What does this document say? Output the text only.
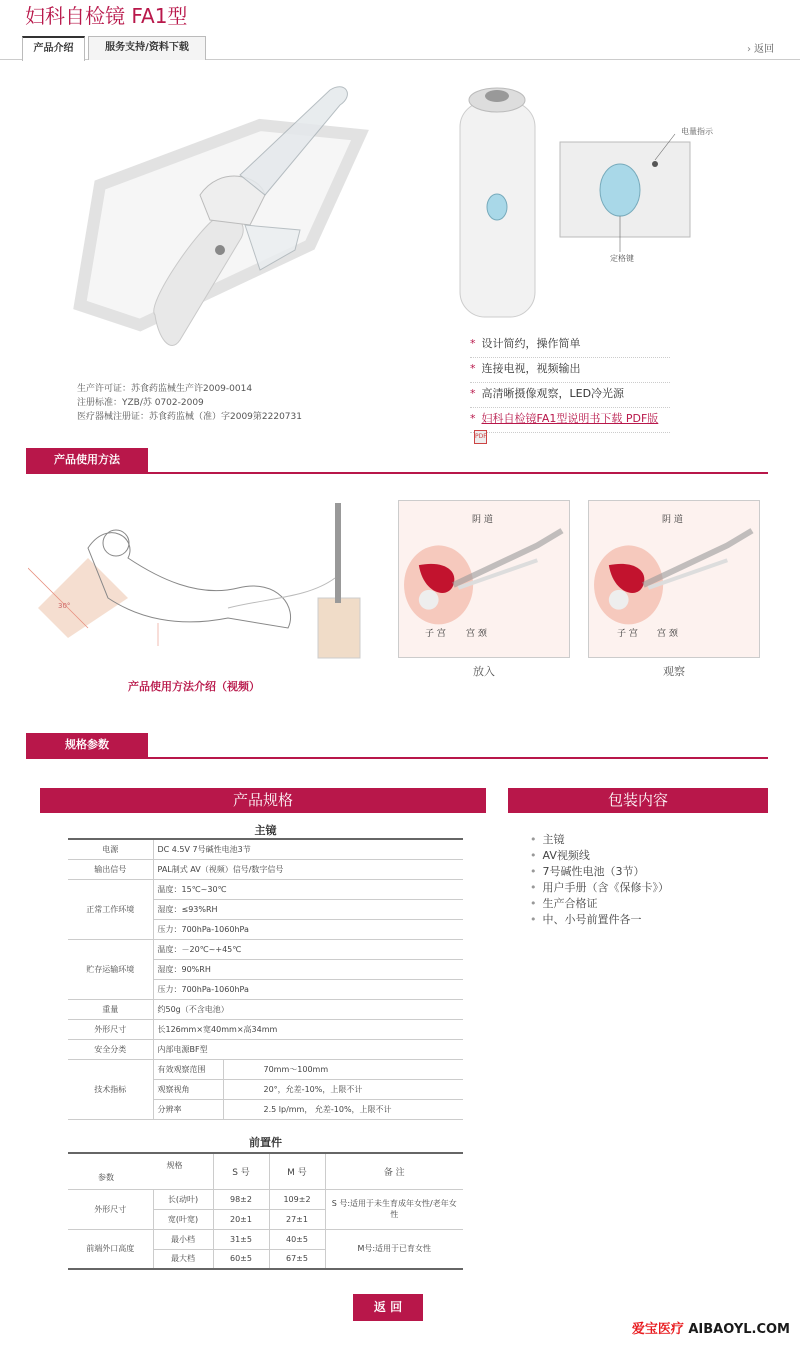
妇科自检镜 FA1型
产品介绍	服务支持/资料下载	› 返回
生产许可证：苏食药监械生产许2009-0014
注册标准：YZB/苏 0702-2009
医疗器械注册证：苏食药监械（准）字2009第2220731
电量指示
定格键
* 设计简约，操作简单
* 连接电视，视频输出
* 高清晰摄像观察，LED冷光源
* 妇科自检镜FA1型说明书下载 PDF版PDF
产品使用方法
30°
产品使用方法介绍（视频）
阴 道
子 宫 宫 颈
放入
阴 道
子 宫 宫 颈
观察
规格参数
产品规格	包装内容
主镜
电源	DC 4.5V 7号碱性电池3节	
输出信号	PAL制式 AV（视频）信号/数字信号	
正常工作环境	温度：15℃~30℃	
	湿度：≤93%RH	
	压力：700hPa-1060hPa	
贮存运输环境	温度：－20℃~+45℃	
	湿度：90%RH	
	压力：700hPa-1060hPa	
重量	约50g（不含电池）	
外形尺寸	长126mm×宽40mm×高34mm	
安全分类	内部电源BF型	
技术指标	有效观察范围	70mm～100mm
	观察视角	20°，允差-10%，上限不计
	分辨率	2.5 lp/mm， 允差-10%，上限不计
前置件
规格
参数		S 号	M 号	备 注
外形尺寸	长(动叶)	98±2	109±2	S 号:适用于未生育成年女性/老年女性
	宽(叶宽)	20±1	27±1	
前端外口高度	最小档	31±5	40±5	M号:适用于已育女性
	最大档	60±5	67±5	
• 主镜
• AV视频线
• 7号碱性电池（3节）
• 用户手册（含《保修卡》）
• 生产合格证
• 中、小号前置件各一
返 回
爱宝医疗 AIBAOYL.COM
